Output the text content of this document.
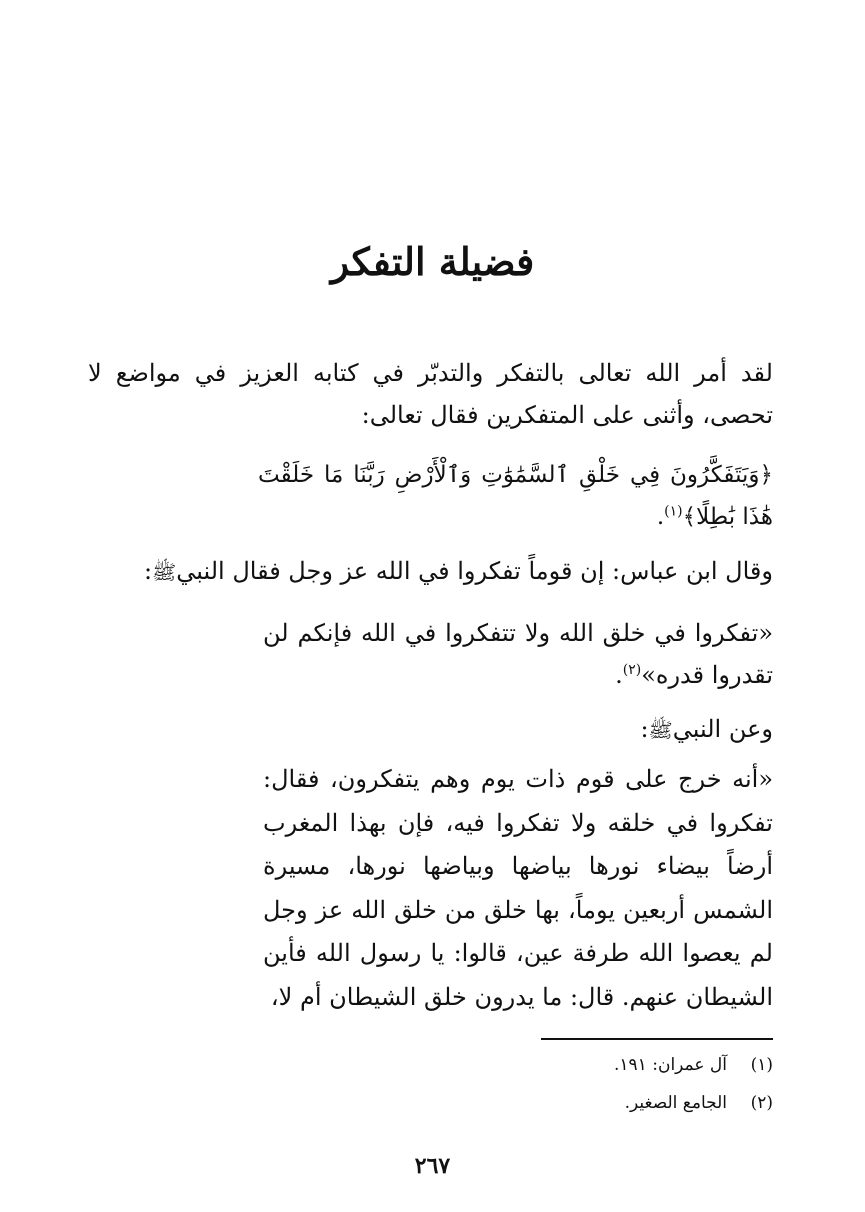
فضيلة التفكر

لقد أمر الله تعالى بالتفكر والتدبّر في كتابه العزيز في مواضع لا تحصى، وأثنى على المتفكرين فقال تعالى:

﴿وَيَتَفَكَّرُونَ فِي خَلْقِ ٱلسَّمَٰوَٰتِ وَٱلْأَرْضِ رَبَّنَا مَا خَلَقْتَ هَٰذَا بَٰطِلًا﴾$^{(١)}$.

وقال ابن عباس: إن قوماً تفكروا في الله عز وجل فقال النبيﷺ:

«تفكروا في خلق الله ولا تتفكروا في الله فإنكم لن تقدروا قدره»$^{(٢)}$.

وعن النبيﷺ:

«أنه خرج على قوم ذات يوم وهم يتفكرون، فقال: تفكروا في خلقه ولا تفكروا فيه، فإن بهذا المغرب أرضاً بيضاء نورها بياضها وبياضها نورها، مسيرة الشمس أربعين يوماً، بها خلق من خلق الله عز وجل لم يعصوا الله طرفة عين، قالوا: يا رسول الله فأين الشيطان عنهم. قال: ما يدرون خلق الشيطان أم لا،

(١)آل عمران: ١٩١.
(٢)الجامع الصغير.
٢٦٧
